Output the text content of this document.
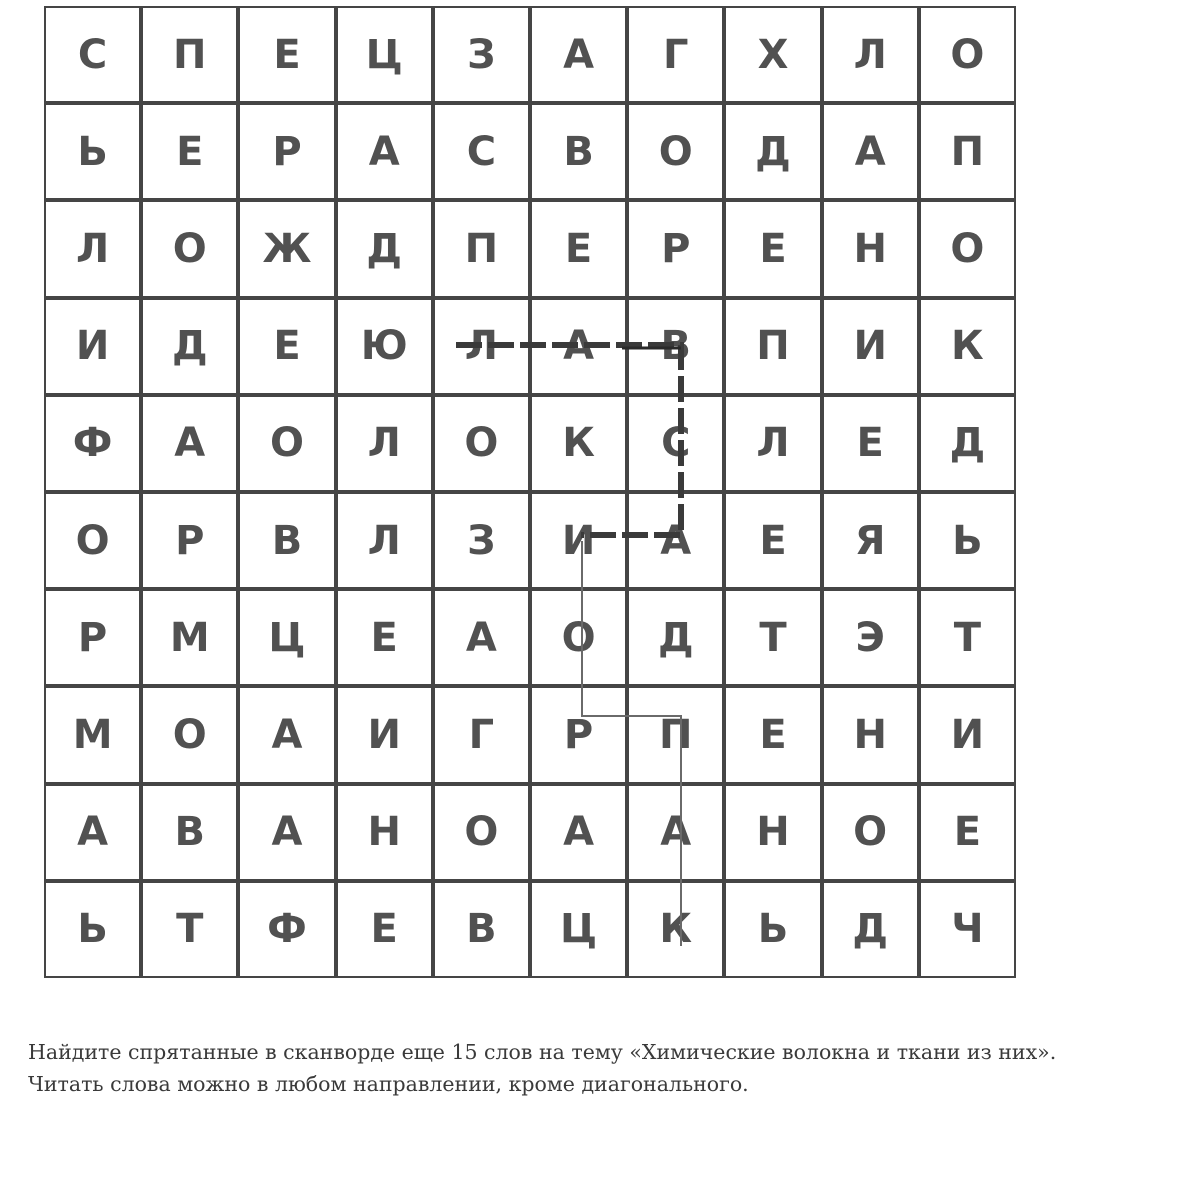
С	П	Е	Ц	З	А	Г	Х	Л	О
Ь	Е	Р	А	С	В	О	Д	А	П
Л	О	Ж	Д	П	Е	Р	Е	Н	О
И	Д	Е	Ю	Л	А	В	П	И	К
Ф	А	О	Л	О	К	С	Л	Е	Д
О	Р	В	Л	З	И	А	Е	Я	Ь
Р	М	Ц	Е	А	О	Д	Т	Э	Т
М	О	А	И	Г	Р	П	Е	Н	И
А	В	А	Н	О	А	А	Н	О	Е
Ь	Т	Ф	Е	В	Ц	К	Ь	Д	Ч

Найдите спрятанные в сканворде еще 15 слов на тему «Химические волокна и ткани из них».

Читать слова можно в любом направлении, кроме диагонального.
